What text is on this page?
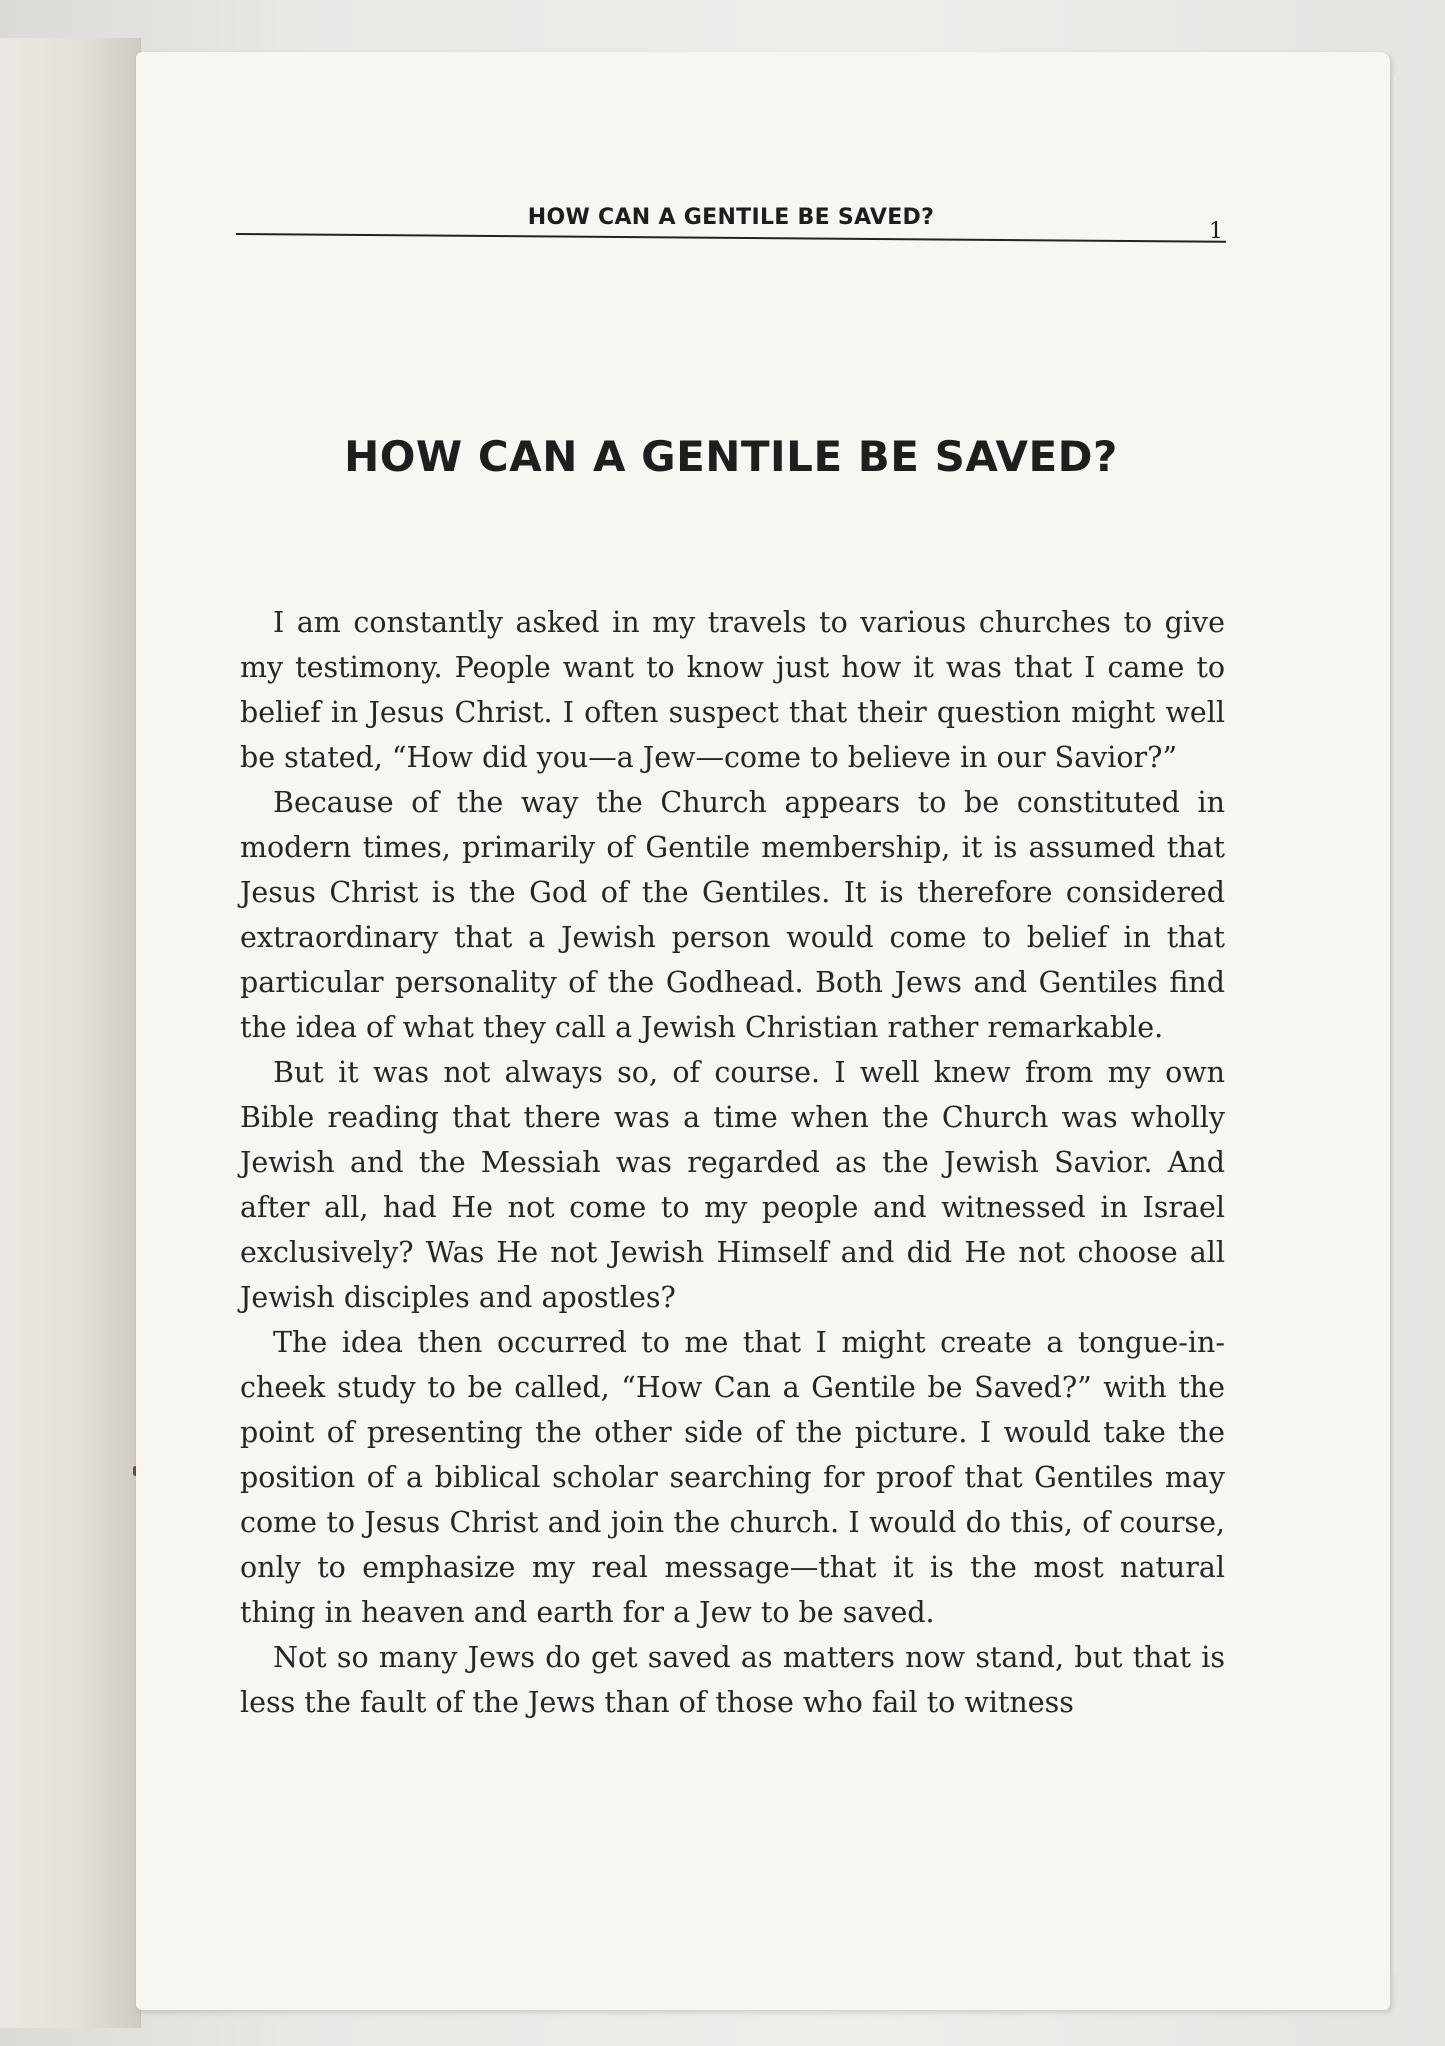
HOW CAN A GENTILE BE SAVED?
1
HOW CAN A GENTILE BE SAVED?

I am constantly asked in my travels to various churches to give my testimony. People want to know just how it was that I came to belief in Jesus Christ. I often suspect that their question might well be stated, “How did you—a Jew—come to believe in our Savior?”

Because of the way the Church appears to be constituted in modern times, primarily of Gentile membership, it is assumed that Jesus Christ is the God of the Gentiles. It is therefore considered extraordinary that a Jewish person would come to belief in that particular personality of the Godhead. Both Jews and Gentiles find the idea of what they call a Jewish Christian rather remarkable.

But it was not always so, of course. I well knew from my own Bible reading that there was a time when the Church was wholly Jewish and the Messiah was regarded as the Jewish Savior. And after all, had He not come to my people and witnessed in Israel exclusively? Was He not Jewish Himself and did He not choose all Jewish disciples and apostles?

The idea then occurred to me that I might create a tongue-in-cheek study to be called, “How Can a Gentile be Saved?” with the point of presenting the other side of the picture. I would take the position of a biblical scholar searching for proof that Gentiles may come to Jesus Christ and join the church. I would do this, of course, only to emphasize my real message—that it is the most natural thing in heaven and earth for a Jew to be saved.

Not so many Jews do get saved as matters now stand, but that is less the fault of the Jews than of those who fail to witness
